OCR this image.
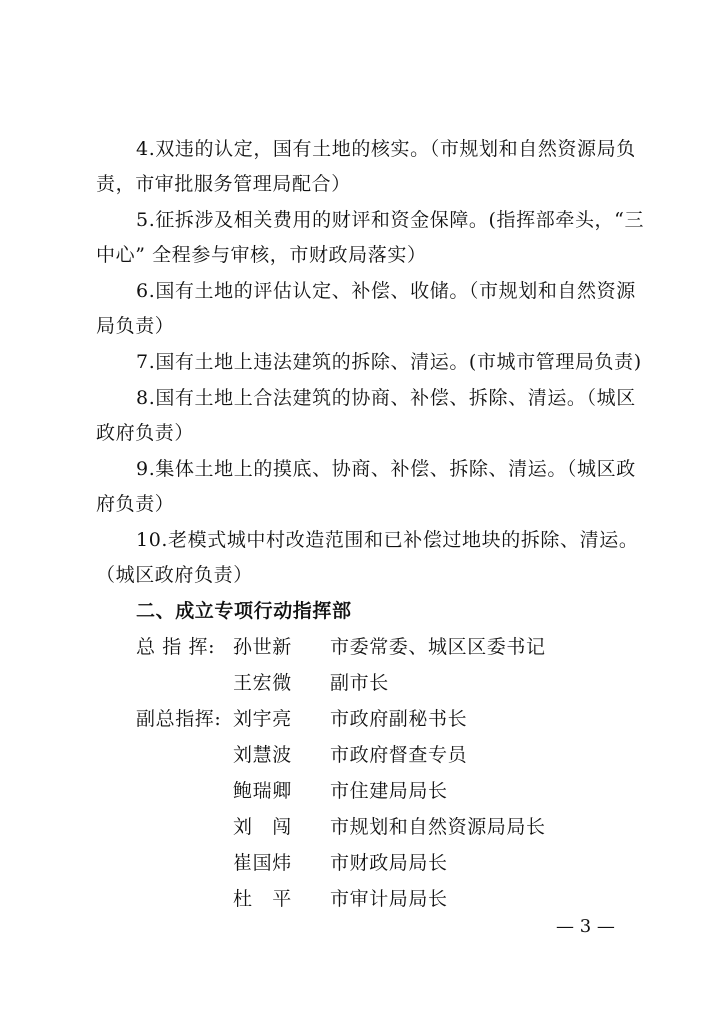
4.双违的认定，国有土地的核实。（市规划和自然资源局负
责，市审批服务管理局配合）
5.征拆涉及相关费用的财评和资金保障。(指挥部牵头，“三
中心” 全程参与审核，市财政局落实）
6.国有土地的评估认定、补偿、收储。（市规划和自然资源
局负责）
7.国有土地上违法建筑的拆除、清运。(市城市管理局负责)
8.国有土地上合法建筑的协商、补偿、拆除、清运。（城区
政府负责）
9.集体土地上的摸底、协商、补偿、拆除、清运。（城区政
府负责）
10.老模式城中村改造范围和已补偿过地块的拆除、清运。
（城区政府负责）
二、成立专项行动指挥部
总 指 挥: 孙世新 市委常委、城区区委书记
王宏微 副市长
副总指挥: 刘宇亮 市政府副秘书长
刘慧波 市政府督查专员
鲍瑞卿 市住建局局长
刘　闯 市规划和自然资源局局长
崔国炜 市财政局局长
杜　平 市审计局局长
— 3 —
